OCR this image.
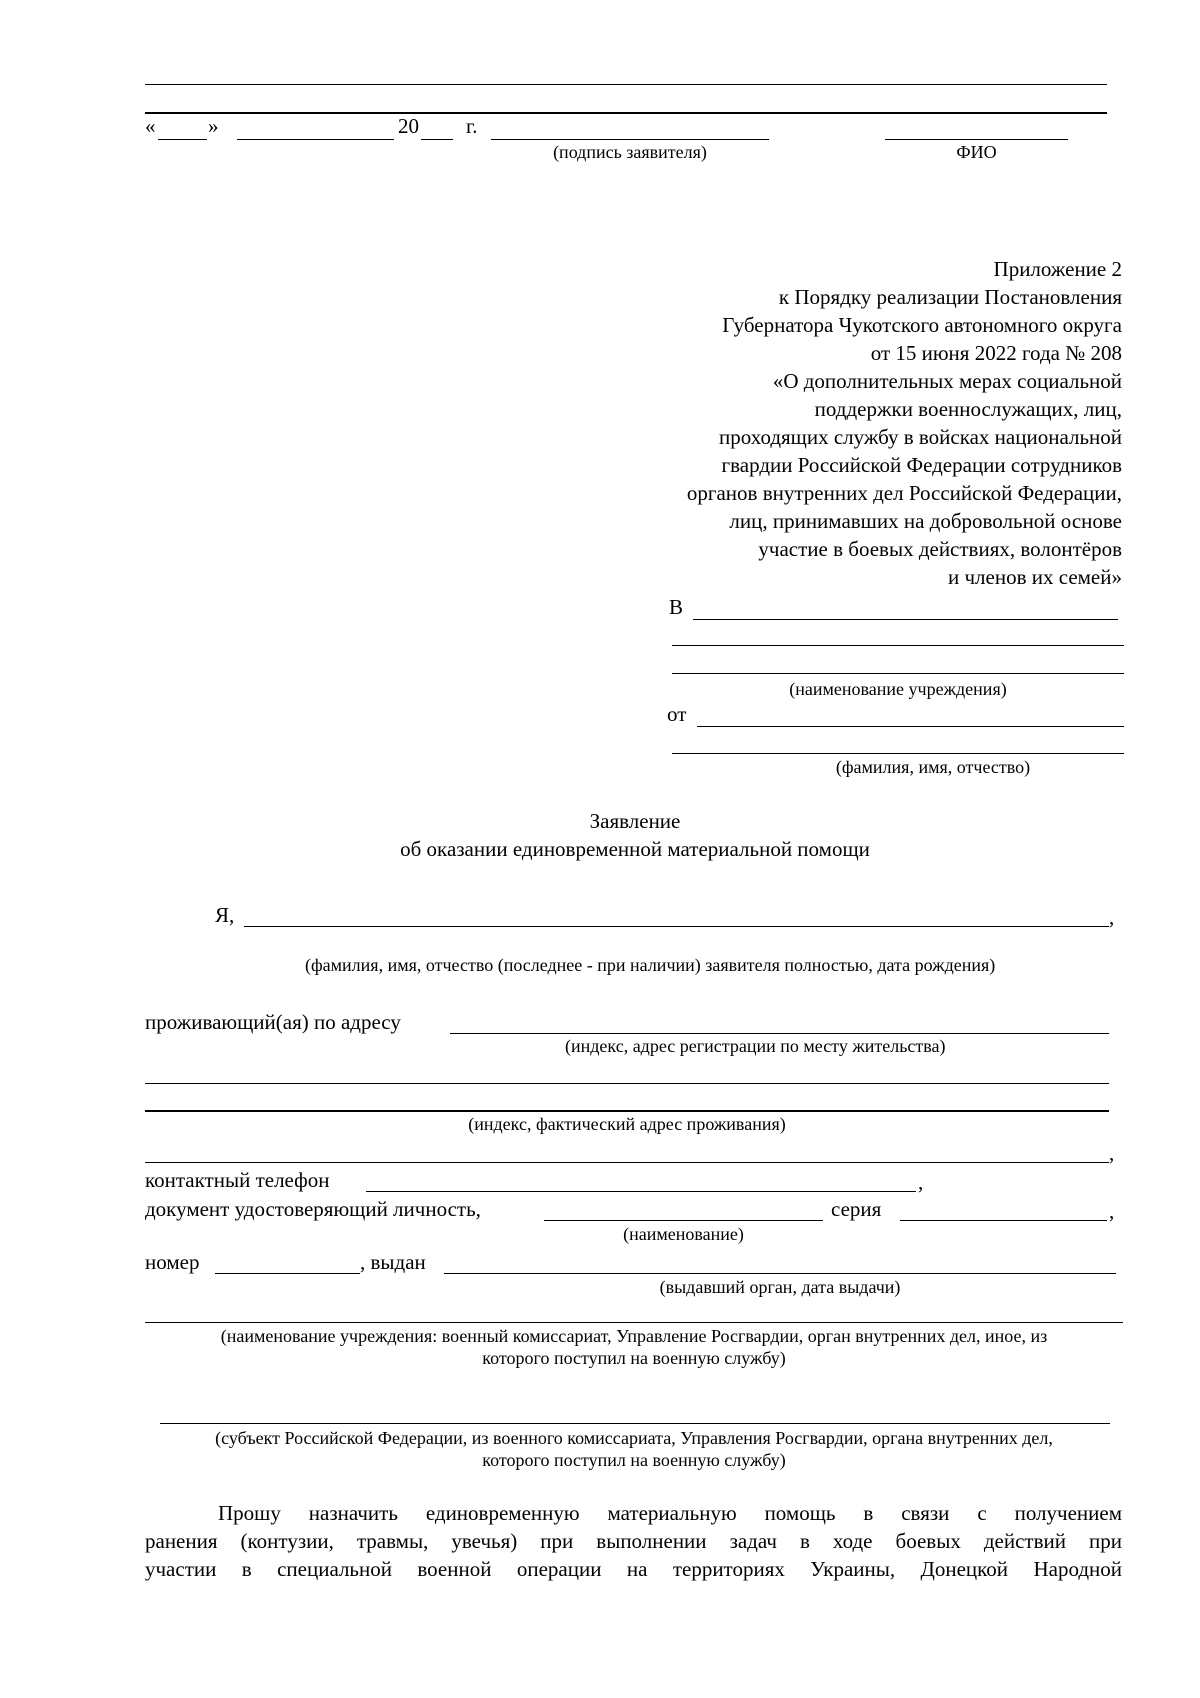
«	»	20 г.
(подпись заявителя)	ФИО
Приложение 2
к Порядку реализации Постановления
Губернатора Чукотского автономного округа
от 15 июня 2022 года № 208
«О дополнительных мерах социальной
поддержки военнослужащих, лиц,
проходящих службу в войсках национальной
гвардии Российской Федерации сотрудников
органов внутренних дел Российской Федерации,
лиц, принимавших на добровольной основе
участие в боевых действиях, волонтёров
и членов их семей»
В
(наименование учреждения)
от
(фамилия, имя, отчество)
Заявление
об оказании единовременной материальной помощи
Я,	,
(фамилия, имя, отчество (последнее - при наличии) заявителя полностью, дата рождения)
проживающий(ая) по адресу
(индекс, адрес регистрации по месту жительства)
(индекс, фактический адрес проживания)
,
контактный телефон	,
документ удостоверяющий личность,	серия	,
(наименование)
номер	, выдан
(выдавший орган, дата выдачи)
(наименование учреждения: военный комиссариат, Управление Росгвардии, орган внутренних дел, иное, из
которого поступил на военную службу)
(субъект Российской Федерации, из военного комиссариата, Управления Росгвардии, органа внутренних дел,
которого поступил на военную службу)
Прошу назначить единовременную материальную помощь в связи с получением
ранения (контузии, травмы, увечья) при выполнении задач в ходе боевых действий при
участии в специальной военной операции на территориях Украины, Донецкой Народной
